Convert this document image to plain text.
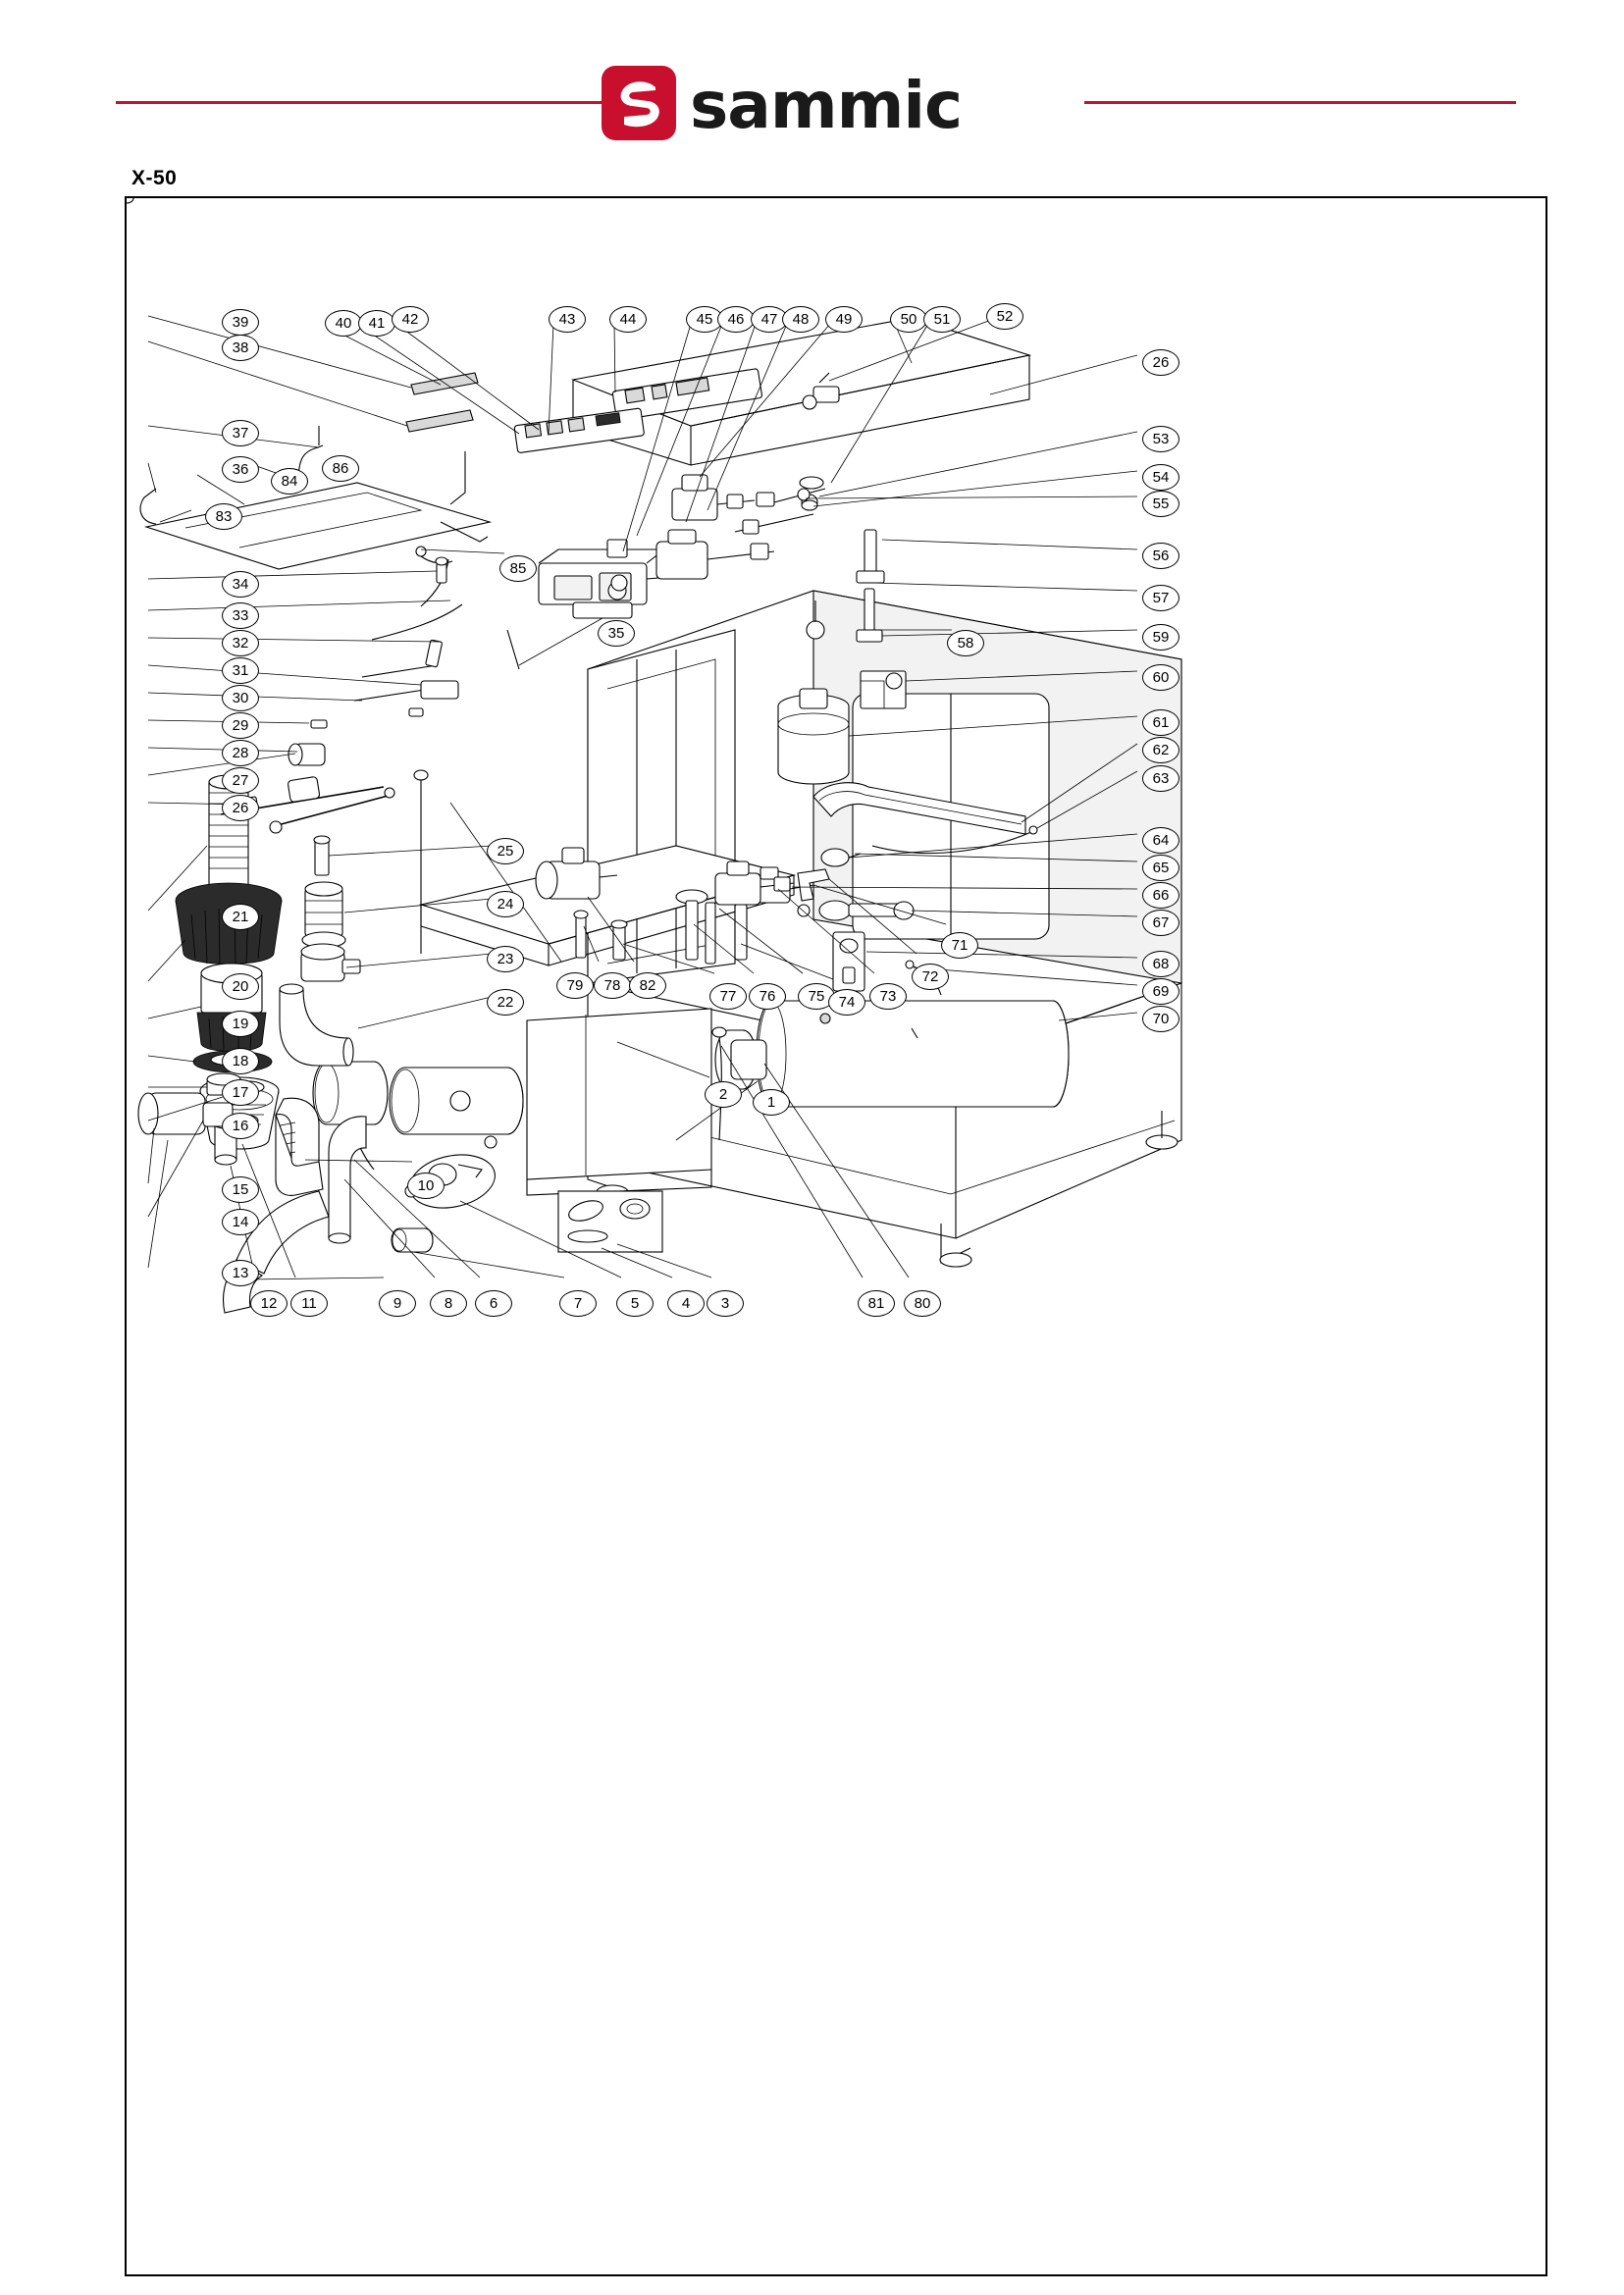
sammic
X-50
39
38
37
36
84
86
83
34
33
32
31
30
29
28
27
26
21
20
19
18
17
16
15
14
13
12	11	9	8	6	7	5	4	3
10
22
23
24
25
79	78	82
77	76	75 74	73
72
71
2	1
81	80
35
85
58
43	44	45	46	47	48	49	50	51	52
40	41	42
26
53
54
55
56
57
59
60
61
62
63
64
65
66
67
68
69
70
